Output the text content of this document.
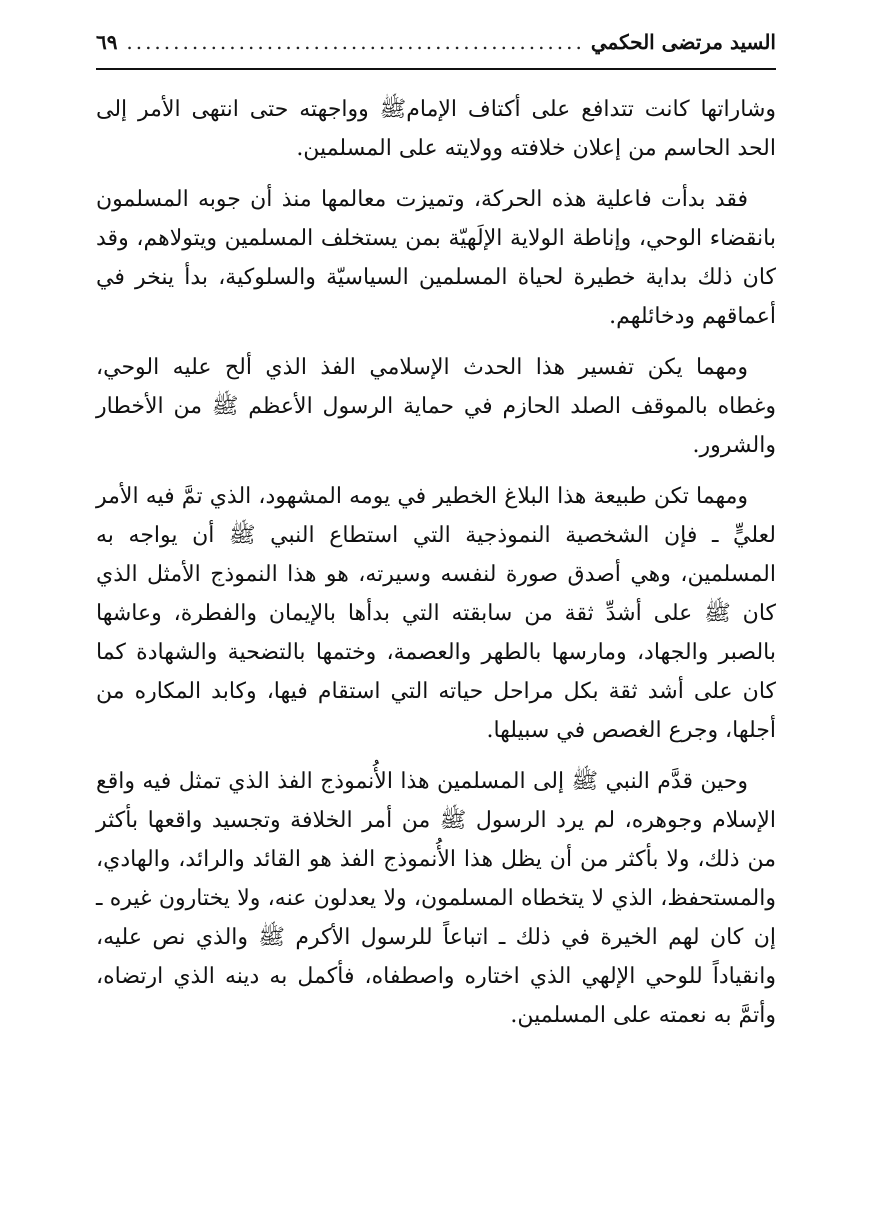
السيد مرتضى الحكمي
.....
٦٩

وشاراتها كانت تتدافع على أكتاف الإمامﷺ وواجهته حتى انتهى الأمر إلى الحد الحاسم من إعلان خلافته وولايته على المسلمين.

فقد بدأت فاعلية هذه الحركة، وتميزت معالمها منذ أن جوبه المسلمون بانقضاء الوحي، وإناطة الولاية الإلَهيّة بمن يستخلف المسلمين ويتولاهم، وقد كان ذلك بداية خطيرة لحياة المسلمين السياسيّة والسلوكية، بدأ ينخر في أعماقهم ودخائلهم.

ومهما يكن تفسير هذا الحدث الإسلامي الفذ الذي ألح عليه الوحي، وغطاه بالموقف الصلد الحازم في حماية الرسول الأعظم ﷺ من الأخطار والشرور.

ومهما تكن طبيعة هذا البلاغ الخطير في يومه المشهود، الذي تمَّ فيه الأمر لعليٍّ ـ فإن الشخصية النموذجية التي استطاع النبي ﷺ أن يواجه به المسلمين، وهي أصدق صورة لنفسه وسيرته، هو هذا النموذج الأمثل الذي كان ﷺ على أشدِّ ثقة من سابقته التي بدأها بالإيمان والفطرة، وعاشها بالصبر والجهاد، ومارسها بالطهر والعصمة، وختمها بالتضحية والشهادة كما كان على أشد ثقة بكل مراحل حياته التي استقام فيها، وكابد المكاره من أجلها، وجرع الغصص في سبيلها.

وحين قدَّم النبي ﷺ إلى المسلمين هذا الأُنموذج الفذ الذي تمثل فيه واقع الإسلام وجوهره، لم يرد الرسول ﷺ من أمر الخلافة وتجسيد واقعها بأكثر من ذلك، ولا بأكثر من أن يظل هذا الأُنموذج الفذ هو القائد والرائد، والهادي، والمستحفظ، الذي لا يتخطاه المسلمون، ولا يعدلون عنه، ولا يختارون غيره ـ إن كان لهم الخيرة في ذلك ـ اتباعاً للرسول الأكرم ﷺ والذي نص عليه، وانقياداً للوحي الإلهي الذي اختاره واصطفاه، فأكمل به دينه الذي ارتضاه، وأتمَّ به نعمته على المسلمين.
